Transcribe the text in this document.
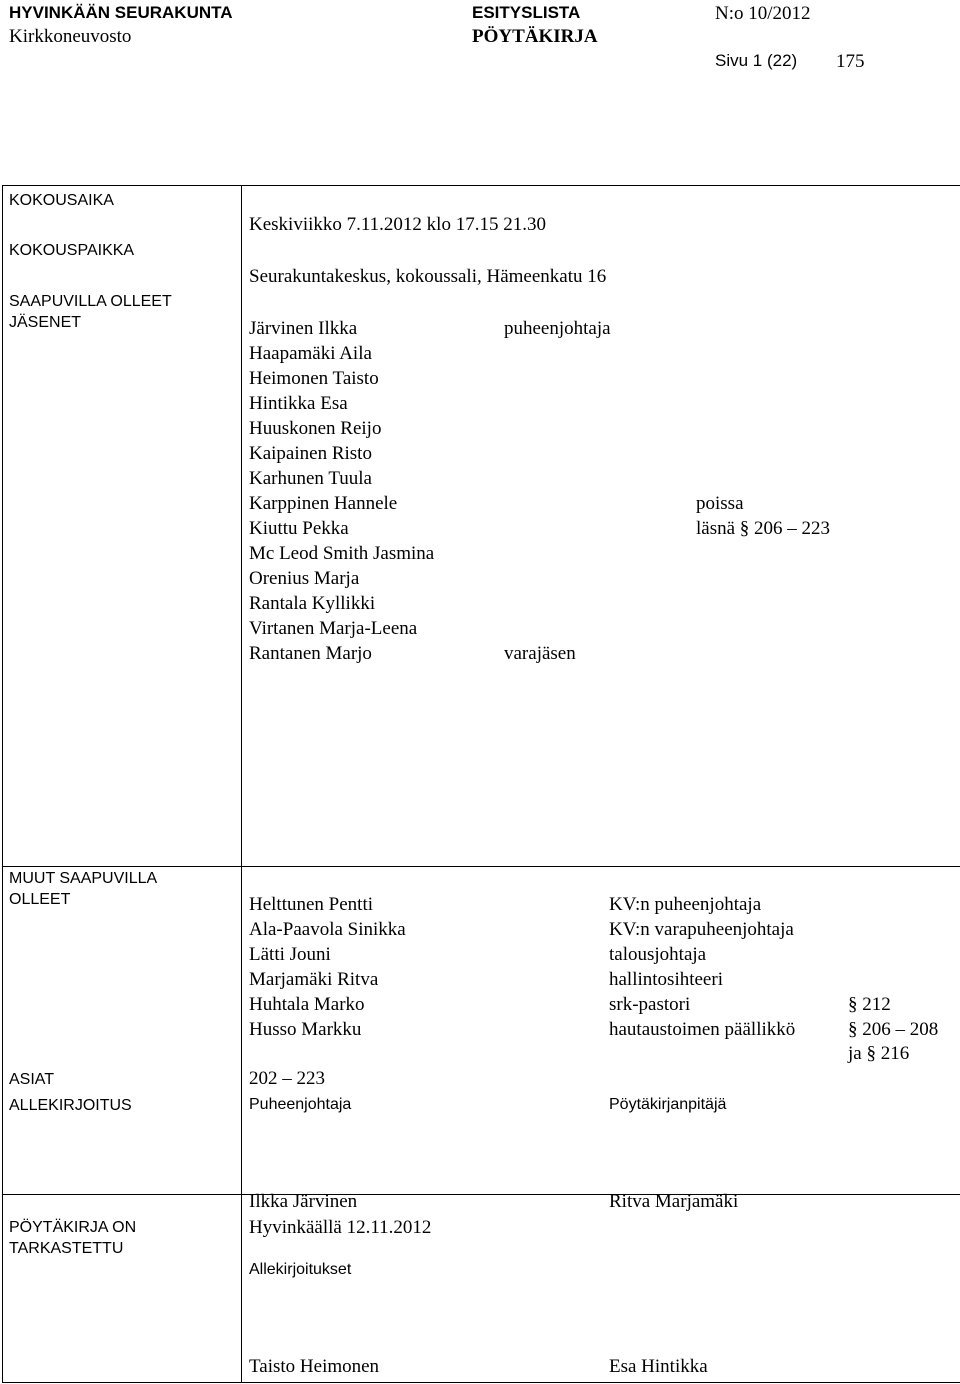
HYVINKÄÄN SEURAKUNTA
Kirkkoneuvosto
ESITYSLISTA
PÖYTÄKIRJA
N:o 10/2012
Sivu 1 (22) 175
KOKOUSAIKA
Keskiviikko 7.11.2012 klo 17.15 21.30
KOKOUSPAIKKA
Seurakuntakeskus, kokoussali, Hämeenkatu 16
SAAPUVILLA OLLEET JÄSENET	Järvinen Ilkka	puheenjohtaja
Haapamäki Aila
Heimonen Taisto
Hintikka Esa
Huuskonen Reijo
Kaipainen Risto
Karhunen Tuula
Karppinen Hannele	poissa
Kiuttu Pekka	läsnä § 206 – 223
Mc Leod Smith Jasmina
Orenius Marja
Rantala Kyllikki
Virtanen Marja-Leena
Rantanen Marjo	varajäsen
MUUT SAAPUVILLA OLLEET	Helttunen Pentti	KV:n puheenjohtaja
Ala-Paavola Sinikka	KV:n varapuheenjohtaja
Lätti Jouni	talousjohtaja
Marjamäki Ritva	hallintosihteeri
Huhtala Marko	srk-pastori	§ 212
Husso Markku	hautaustoimen päällikkö	§ 206 – 208
ja § 216
ASIAT	202 – 223
ALLEKIRJOITUS	Puheenjohtaja	Pöytäkirjanpitäjä
Ilkka Järvinen	Ritva Marjamäki
PÖYTÄKIRJA ON TARKASTETTU
Hyvinkäällä 12.11.2012
Allekirjoitukset
Taisto Heimonen	Esa Hintikka
